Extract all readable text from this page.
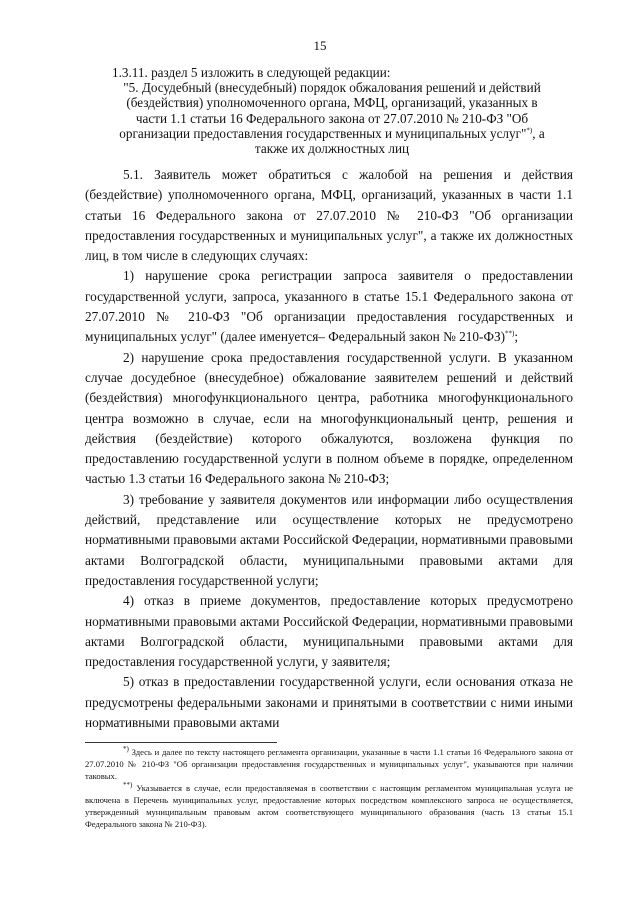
15
1.3.11. раздел 5 изложить в следующей редакции:
"5. Досудебный (внесудебный) порядок обжалования решений и действий (бездействия) уполномоченного органа, МФЦ, организаций, указанных в части 1.1 статьи 16 Федерального закона от 27.07.2010 № 210-ФЗ "Об организации предоставления государственных и муниципальных услуг"*), а также их должностных лиц

5.1. Заявитель может обратиться с жалобой на решения и действия (бездействие) уполномоченного органа, МФЦ, организаций, указанных в части 1.1 статьи 16 Федерального закона от 27.07.2010 № 210-ФЗ "Об организации предоставления государственных и муниципальных услуг", а также их должностных лиц, в том числе в следующих случаях:

1) нарушение срока регистрации запроса заявителя о предоставлении государственной услуги, запроса, указанного в статье 15.1 Федерального закона от 27.07.2010 № 210-ФЗ "Об организации предоставления государственных и муниципальных услуг" (далее именуется– Федеральный закон № 210-ФЗ)**);

2) нарушение срока предоставления государственной услуги. В указанном случае досудебное (внесудебное) обжалование заявителем решений и действий (бездействия) многофункционального центра, работника многофункционального центра возможно в случае, если на многофункциональный центр, решения и действия (бездействие) которого обжалуются, возложена функция по предоставлению государственной услуги в полном объеме в порядке, определенном частью 1.3 статьи 16 Федерального закона № 210-ФЗ;

3) требование у заявителя документов или информации либо осуществления действий, представление или осуществление которых не предусмотрено нормативными правовыми актами Российской Федерации, нормативными правовыми актами Волгоградской области, муниципальными правовыми актами для предоставления государственной услуги;

4) отказ в приеме документов, предоставление которых предусмотрено нормативными правовыми актами Российской Федерации, нормативными правовыми актами Волгоградской области, муниципальными правовыми актами для предоставления государственной услуги, у заявителя;

5) отказ в предоставлении государственной услуги, если основания отказа не предусмотрены федеральными законами и принятыми в соответствии с ними иными нормативными правовыми актами

*) Здесь и далее по тексту настоящего регламента организации, указанные в части 1.1 статьи 16 Федерального закона от 27.07.2010 № 210-ФЗ "Об организации предоставления государственных и муниципальных услуг", указываются при наличии таковых.

**) Указывается в случае, если предоставляемая в соответствии с настоящим регламентом муниципальная услуга не включена в Перечень муниципальных услуг, предоставление которых посредством комплексного запроса не осуществляется, утвержденный муниципальным правовым актом соответствующего муниципального образования (часть 13 статьи 15.1 Федерального закона № 210-ФЗ).
